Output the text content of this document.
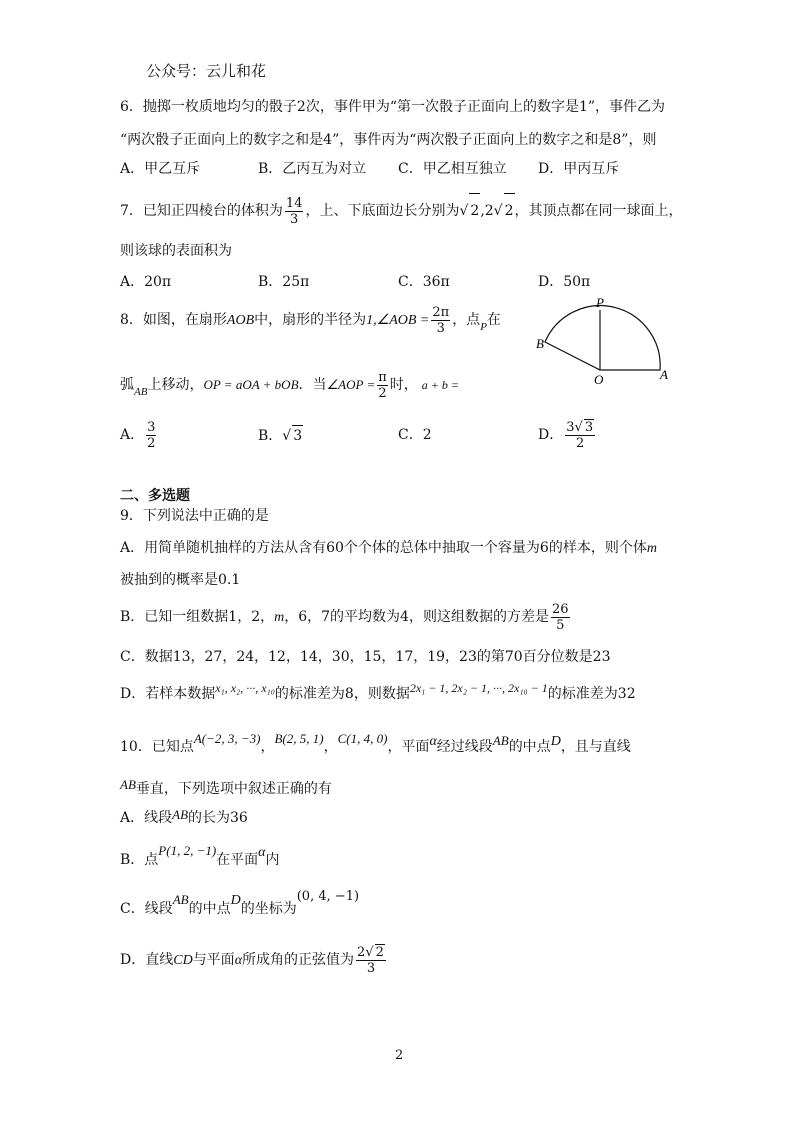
公众号：云儿和花
6．抛掷一枚质地均匀的骰子2次，事件甲为“第一次骰子正面向上的数字是1”，事件乙为
“两次骰子正面向上的数字之和是4”，事件丙为“两次骰子正面向上的数字之和是8”，则
A．甲乙互斥	B．乙丙互为对立 C．甲乙相互独立 D．甲丙互斥
7．已知正四棱台的体积为 $\frac{14}{3}$ ，上、下底面边长分别为√ 2,2√ 2，其顶点都在同一球面上，
则该球的表面积为
A．20π	B．25π	C．36π	D．50π
8．如图，在扇形AOB中，扇形的半径为1,∠AOB = $\frac{2\pi}{3}$ ，点$_P$在
弧$_{AB}$上移动，OP = aOA + bOB．当∠AOP = $\frac{\pi}{2}$ 时， a + b =
P
B
O	A
A． $\frac{3}{2}$	B．√ 3	C．2	D． $\frac{3√ 3}{2}$
二、多选题
9．下列说法中正确的是
A．用简单随机抽样的方法从含有60个个体的总体中抽取一个容量为6的样本，则个体m
被抽到的概率是0.1
B．已知一组数据1，2，m，6，7的平均数为4，则这组数据的方差是 $\frac{26}{5}$
C．数据13，27，24，12，14，30，15，17，19，23的第70百分位数是23
D．若样本数据x₁, x₂, ···, x₁₀的标准差为8，则数据2x₁ − 1, 2x₂ − 1, ···, 2x₁₀ − 1的标准差为32
10．已知点A(−2, 3, −3)，B(2, 5, 1)，C(1, 4, 0)，平面α经过线段AB的中点D，且与直线
AB垂直，下列选项中叙述正确的有
A．线段AB的长为36
B．点P(1, 2, −1)在平面α内
C．线段AB的中点D的坐标为(0, 4, −1)
D．直线CD与平面α所成角的正弦值为 $\frac{2√ 2}{3}$
2
